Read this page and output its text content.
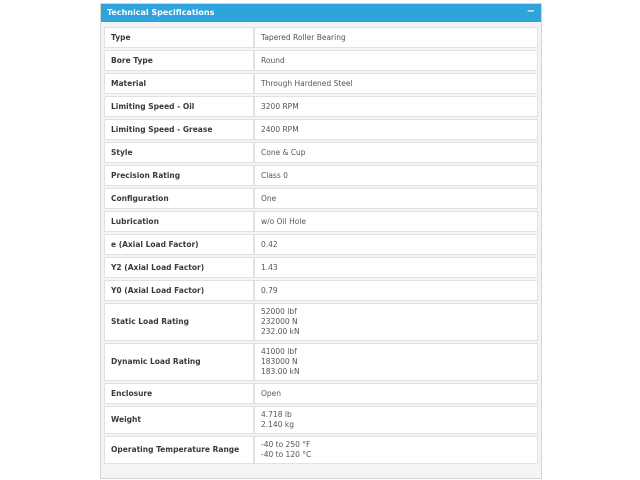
Technical Specifications	−
Type	Tapered Roller Bearing

Bore Type	Round

Material	Through Hardened Steel

Limiting Speed - Oil	3200 RPM

Limiting Speed - Grease	2400 RPM

Style	Cone & Cup

Precision Rating	Class 0

Configuration	One

Lubrication	w/o Oil Hole

e (Axial Load Factor)	0.42

Y2 (Axial Load Factor)	1.43

Y0 (Axial Load Factor)	0.79

Static Load Rating	52000 lbf
232000 N
232.00 kN

Dynamic Load Rating	41000 lbf
183000 N
183.00 kN

Enclosure	Open

Weight	4.718 lb
2.140 kg

Operating Temperature Range	-40 to 250 °F
-40 to 120 °C
